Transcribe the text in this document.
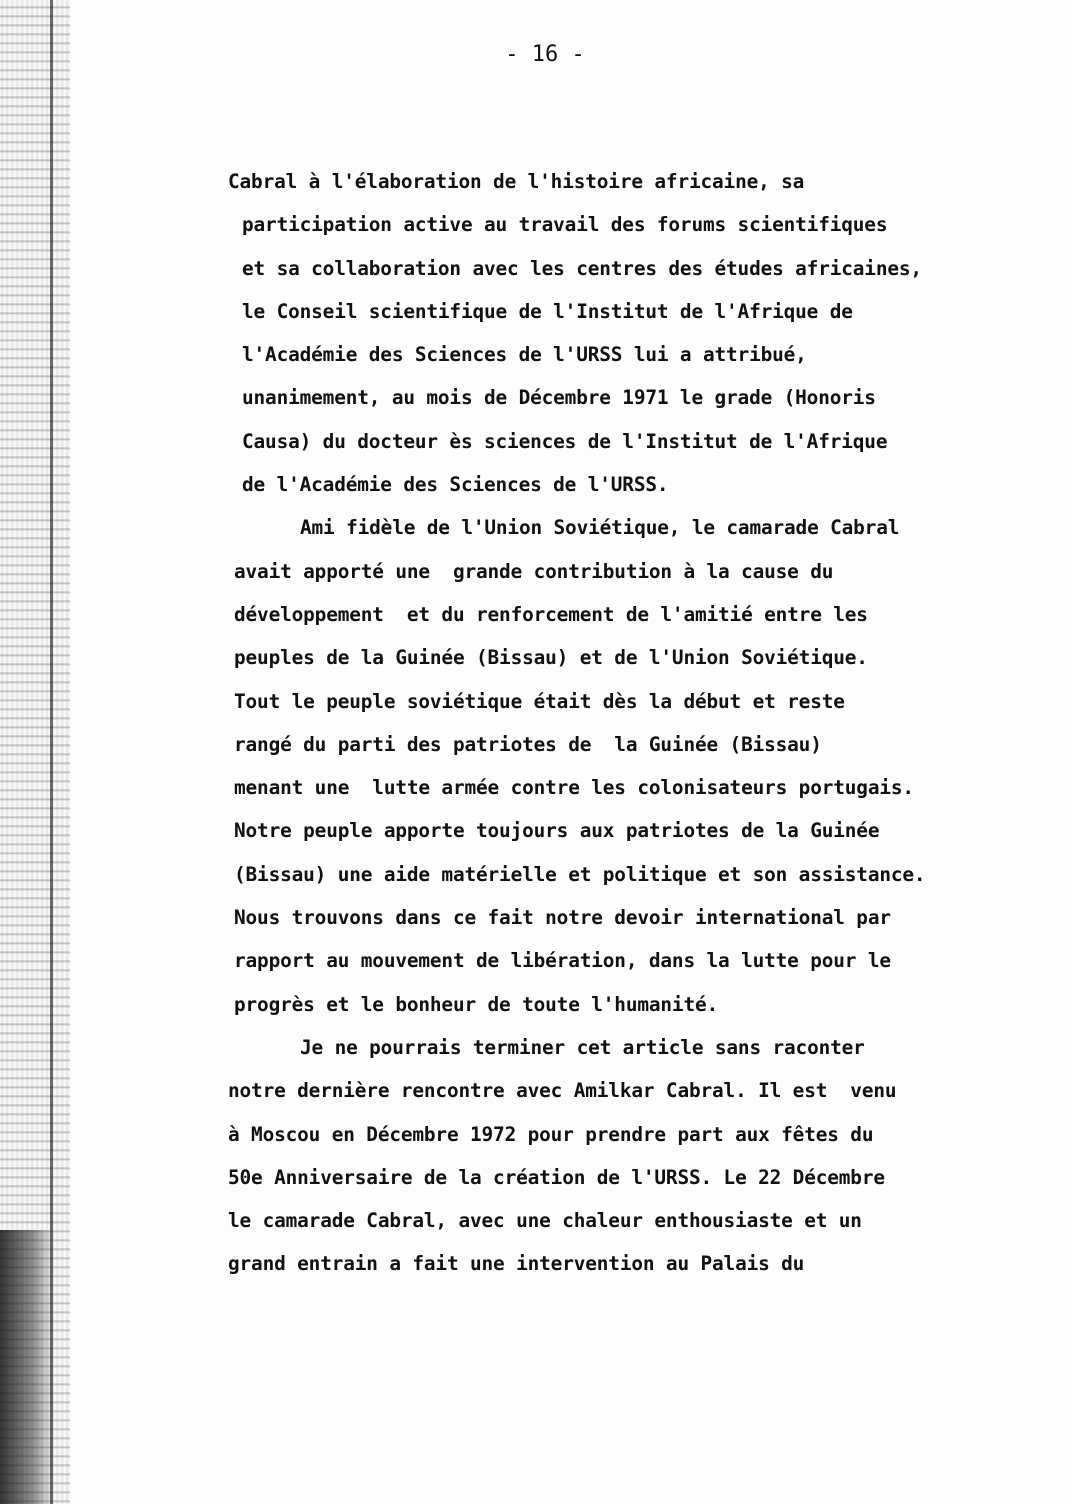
- 16 -
Cabral à l'élaboration de l'histoire africaine, sa
participation active au travail des forums scientifiques
et sa collaboration avec les centres des études africaines,
le Conseil scientifique de l'Institut de l'Afrique de
l'Académie des Sciences de l'URSS lui a attribué,
unanimement, au mois de Décembre 1971 le grade (Honoris
Causa) du docteur ès sciences de l'Institut de l'Afrique
de l'Académie des Sciences de l'URSS.
Ami fidèle de l'Union Soviétique, le camarade Cabral
avait apporté une  grande contribution à la cause du
développement  et du renforcement de l'amitié entre les
peuples de la Guinée (Bissau) et de l'Union Soviétique.
Tout le peuple soviétique était dès la début et reste
rangé du parti des patriotes de  la Guinée (Bissau)
menant une  lutte armée contre les colonisateurs portugais.
Notre peuple apporte toujours aux patriotes de la Guinée
(Bissau) une aide matérielle et politique et son assistance.
Nous trouvons dans ce fait notre devoir international par
rapport au mouvement de libération, dans la lutte pour le
progrès et le bonheur de toute l'humanité.
Je ne pourrais terminer cet article sans raconter
notre dernière rencontre avec Amilkar Cabral. Il est  venu
à Moscou en Décembre 1972 pour prendre part aux fêtes du
50e Anniversaire de la création de l'URSS. Le 22 Décembre
le camarade Cabral, avec une chaleur enthousiaste et un
grand entrain a fait une intervention au Palais du
